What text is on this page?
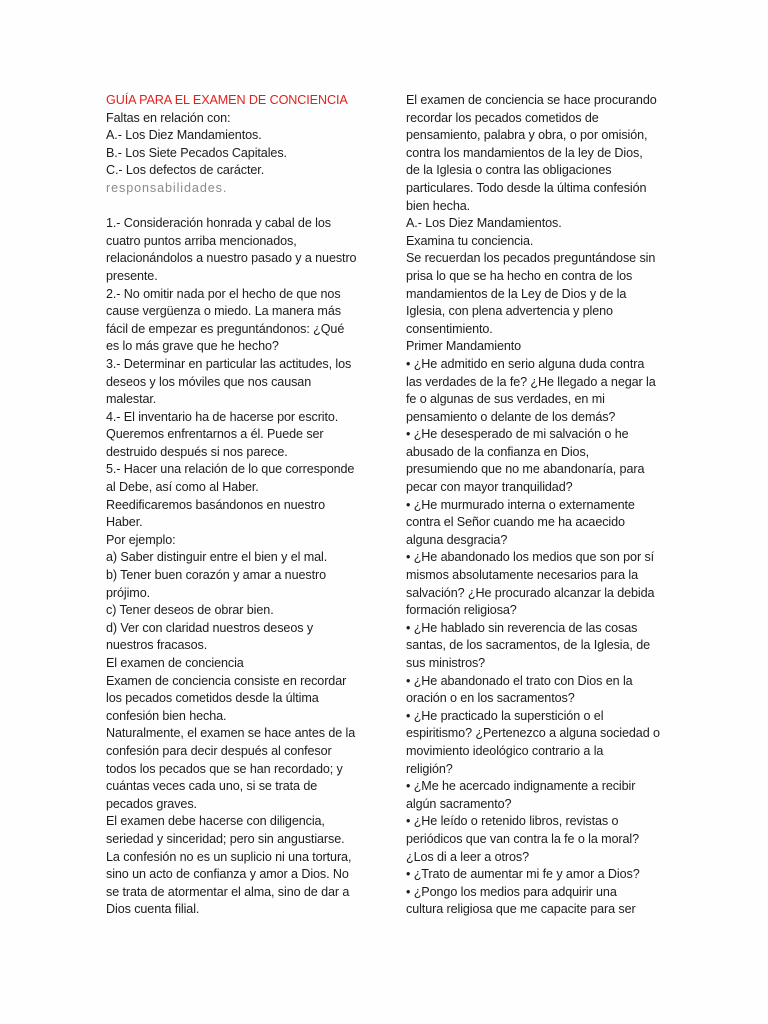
GUÍA PARA EL EXAMEN DE CONCIENCIA
Faltas en relación con:
A.- Los Diez Mandamientos.
B.- Los Siete Pecados Capitales.
C.- Los defectos de carácter.
responsabilidades.
1.- Consideración honrada y cabal de los
cuatro puntos arriba mencionados,
relacionándolos a nuestro pasado y a nuestro
presente.
2.- No omitir nada por el hecho de que nos
cause vergüenza o miedo. La manera más
fácil de empezar es preguntándonos: ¿Qué
es lo más grave que he hecho?
3.- Determinar en particular las actitudes, los
deseos y los móviles que nos causan
malestar.
4.- El inventario ha de hacerse por escrito.
Queremos enfrentarnos a él. Puede ser
destruido después si nos parece.
5.- Hacer una relación de lo que corresponde
al Debe, así como al Haber.
Reedificaremos basándonos en nuestro
Haber.
Por ejemplo:
a) Saber distinguir entre el bien y el mal.
b) Tener buen corazón y amar a nuestro
prójimo.
c) Tener deseos de obrar bien.
d) Ver con claridad nuestros deseos y
nuestros fracasos.
El examen de conciencia
Examen de conciencia consiste en recordar
los pecados cometidos desde la última
confesión bien hecha.
Naturalmente, el examen se hace antes de la
confesión para decir después al confesor
todos los pecados que se han recordado; y
cuántas veces cada uno, si se trata de
pecados graves.
El examen debe hacerse con diligencia,
seriedad y sinceridad; pero sin angustiarse.
La confesión no es un suplicio ni una tortura,
sino un acto de confianza y amor a Dios. No
se trata de atormentar el alma, sino de dar a
Dios cuenta filial.
El examen de conciencia se hace procurando
recordar los pecados cometidos de
pensamiento, palabra y obra, o por omisión,
contra los mandamientos de la ley de Dios,
de la Iglesia o contra las obligaciones
particulares. Todo desde la última confesión
bien hecha.
A.- Los Diez Mandamientos.
Examina tu conciencia.
Se recuerdan los pecados preguntándose sin
prisa lo que se ha hecho en contra de los
mandamientos de la Ley de Dios y de la
Iglesia, con plena advertencia y pleno
consentimiento.
Primer Mandamiento
• ¿He admitido en serio alguna duda contra
las verdades de la fe? ¿He llegado a negar la
fe o algunas de sus verdades, en mi
pensamiento o delante de los demás?
• ¿He desesperado de mi salvación o he
abusado de la confianza en Dios,
presumiendo que no me abandonaría, para
pecar con mayor tranquilidad?
• ¿He murmurado interna o externamente
contra el Señor cuando me ha acaecido
alguna desgracia?
• ¿He abandonado los medios que son por sí
mismos absolutamente necesarios para la
salvación? ¿He procurado alcanzar la debida
formación religiosa?
• ¿He hablado sin reverencia de las cosas
santas, de los sacramentos, de la Iglesia, de
sus ministros?
• ¿He abandonado el trato con Dios en la
oración o en los sacramentos?
• ¿He practicado la superstición o el
espiritismo? ¿Pertenezco a alguna sociedad o
movimiento ideológico contrario a la
religión?
• ¿Me he acercado indignamente a recibir
algún sacramento?
• ¿He leído o retenido libros, revistas o
periódicos que van contra la fe o la moral?
¿Los di a leer a otros?
• ¿Trato de aumentar mi fe y amor a Dios?
• ¿Pongo los medios para adquirir una
cultura religiosa que me capacite para ser
